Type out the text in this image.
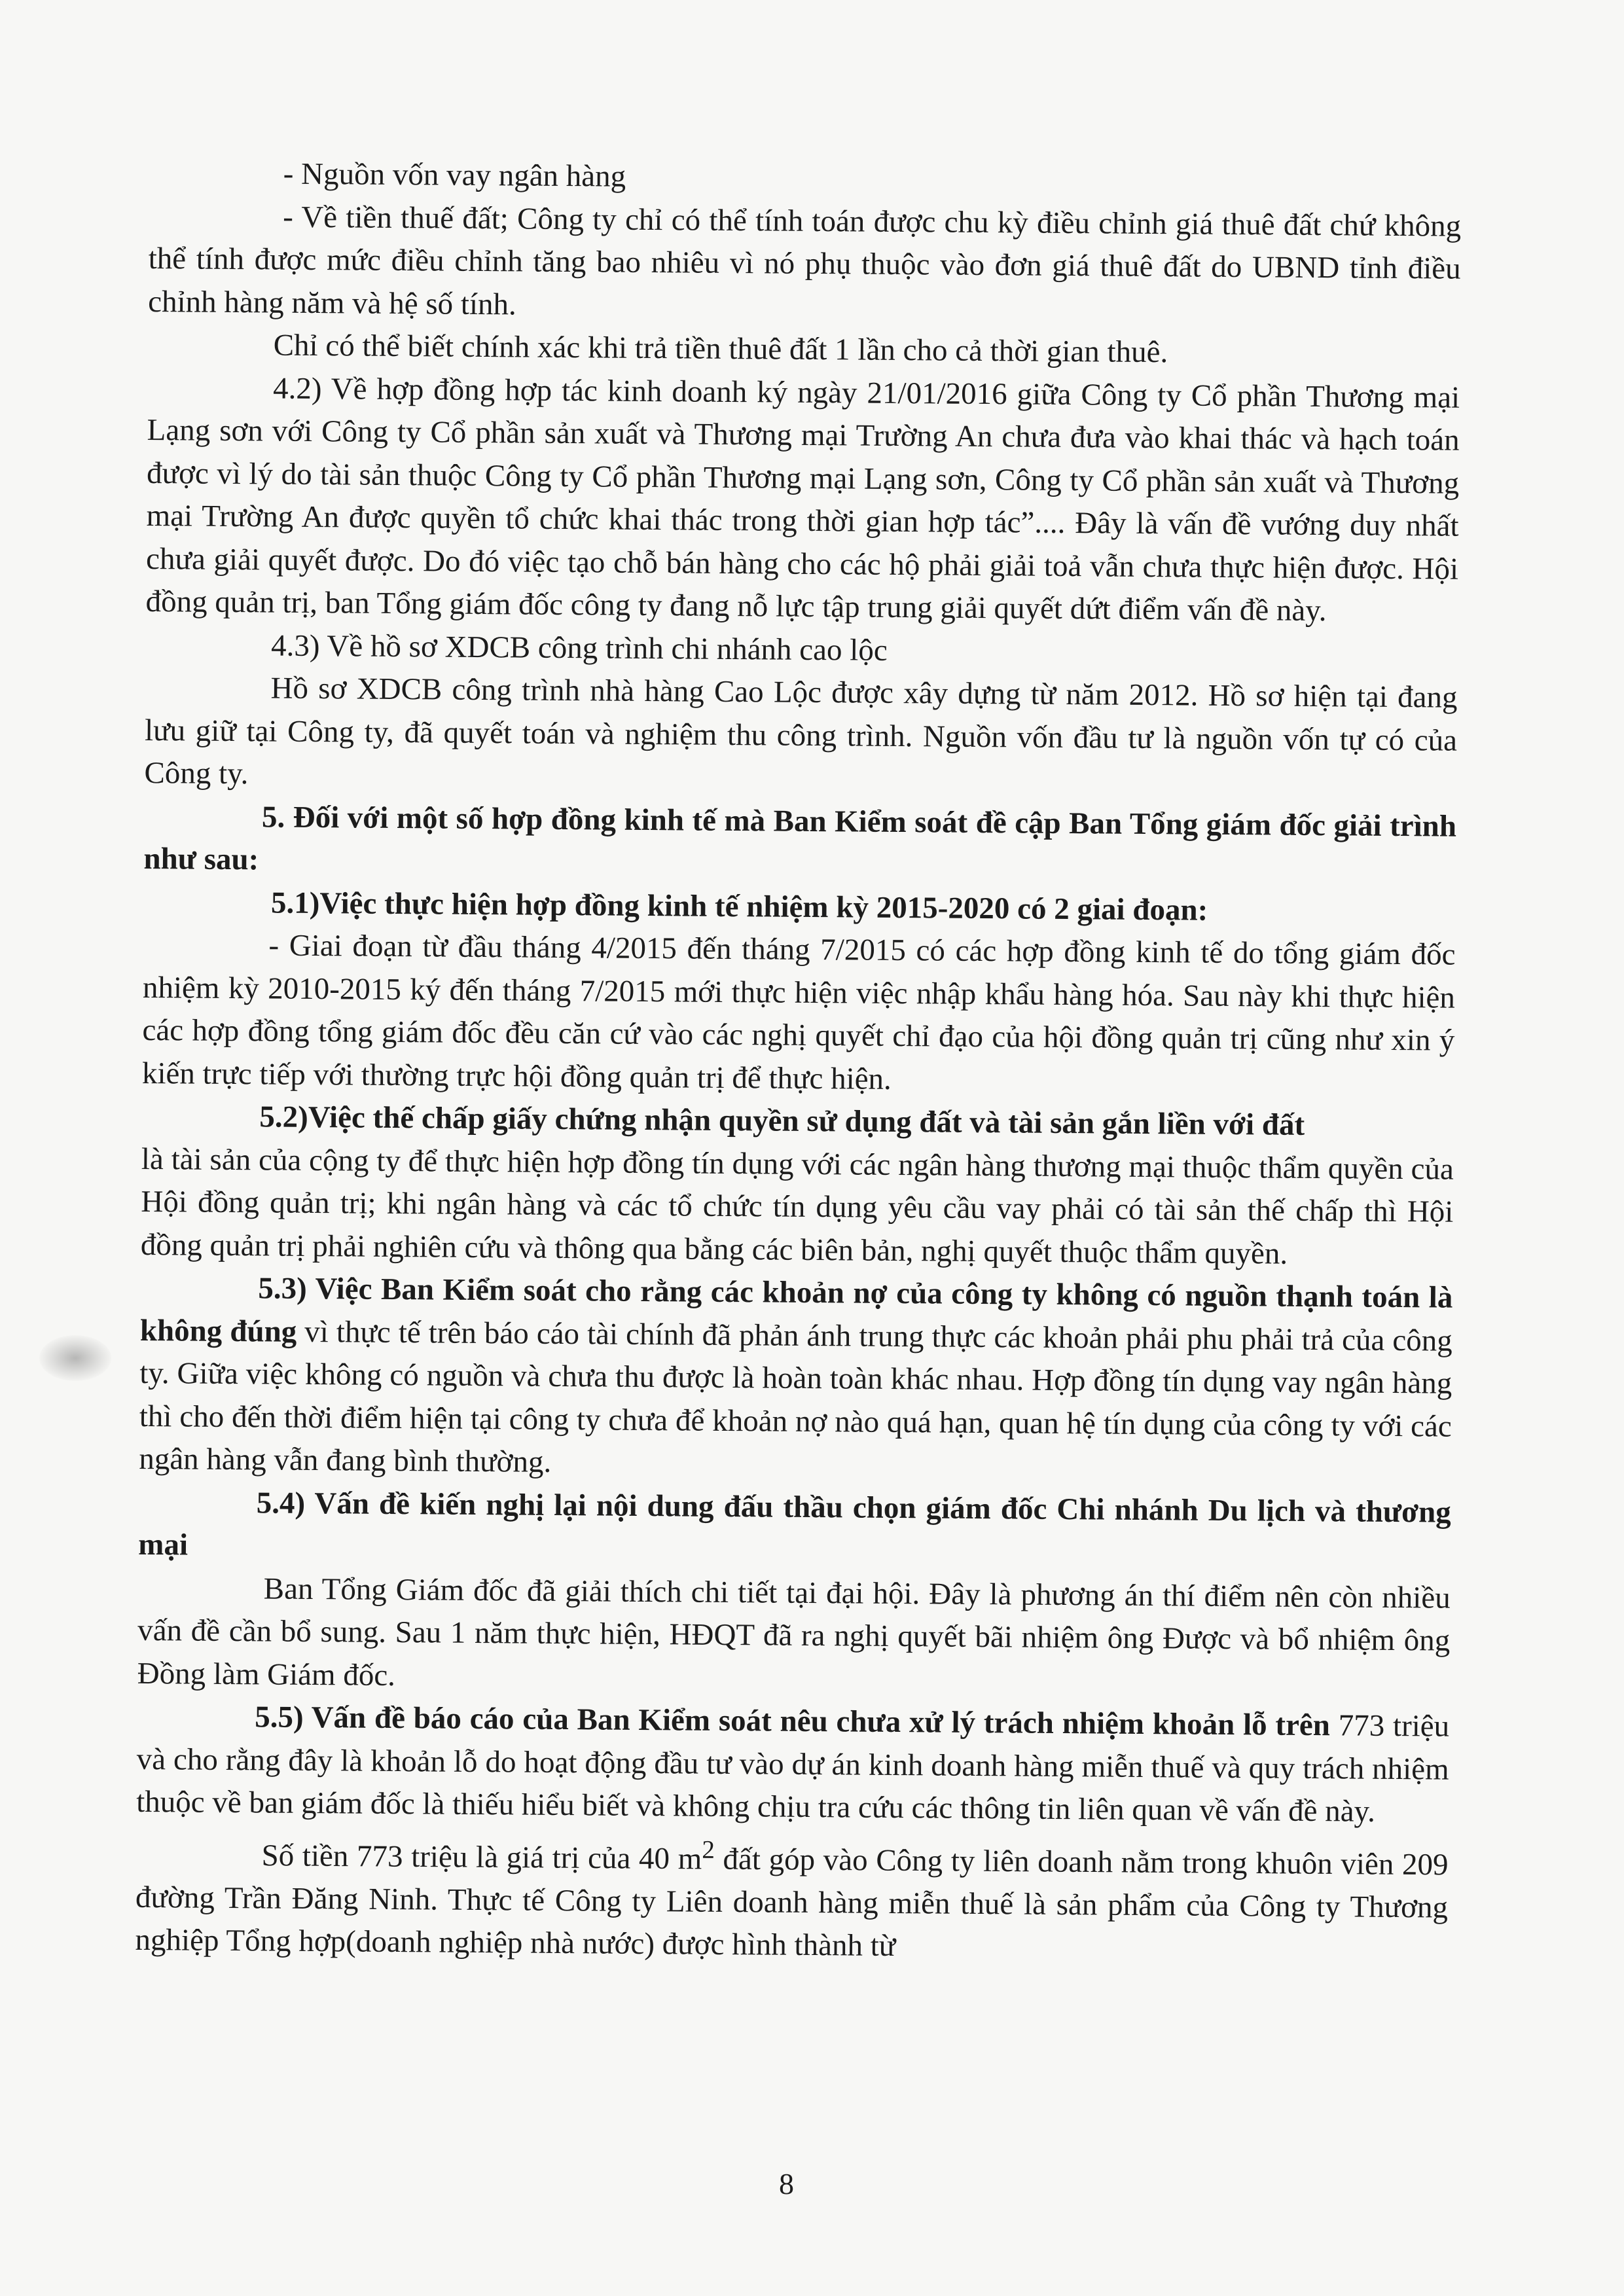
- Nguồn vốn vay ngân hàng

- Về tiền thuế đất; Công ty chỉ có thể tính toán được chu kỳ điều chỉnh giá thuê đất chứ không thể tính được mức điều chỉnh tăng bao nhiêu vì nó phụ thuộc vào đơn giá thuê đất do UBND tỉnh điều chỉnh hàng năm và hệ số tính.

Chỉ có thể biết chính xác khi trả tiền thuê đất 1 lần cho cả thời gian thuê.

4.2) Về hợp đồng hợp tác kinh doanh ký ngày 21/01/2016 giữa Công ty Cổ phần Thương mại Lạng sơn với Công ty Cổ phần sản xuất và Thương mại Trường An chưa đưa vào khai thác và hạch toán được vì lý do tài sản thuộc Công ty Cổ phần Thương mại Lạng sơn, Công ty Cổ phần sản xuất và Thương mại Trường An được quyền tổ chức khai thác trong thời gian hợp tác”.... Đây là vấn đề vướng duy nhất chưa giải quyết được. Do đó việc tạo chỗ bán hàng cho các hộ phải giải toả vẫn chưa thực hiện được. Hội đồng quản trị, ban Tổng giám đốc công ty đang nỗ lực tập trung giải quyết dứt điểm vấn đề này.

4.3) Về hồ sơ XDCB công trình chi nhánh cao lộc

Hồ sơ XDCB công trình nhà hàng Cao Lộc được xây dựng từ năm 2012. Hồ sơ hiện tại đang lưu giữ tại Công ty, đã quyết toán và nghiệm thu công trình. Nguồn vốn đầu tư là nguồn vốn tự có của Công ty.

5. Đối với một số hợp đồng kinh tế mà Ban Kiểm soát đề cập Ban Tổng giám đốc giải trình như sau:

5.1)Việc thực hiện hợp đồng kinh tế nhiệm kỳ 2015-2020 có 2 giai đoạn:

- Giai đoạn từ đầu tháng 4/2015 đến tháng 7/2015 có các hợp đồng kinh tế do tổng giám đốc nhiệm kỳ 2010-2015 ký đến tháng 7/2015 mới thực hiện việc nhập khẩu hàng hóa. Sau này khi thực hiện các hợp đồng tổng giám đốc đều căn cứ vào các nghị quyết chỉ đạo của hội đồng quản trị cũng như xin ý kiến trực tiếp với thường trực hội đồng quản trị để thực hiện.

5.2)Việc thế chấp giấy chứng nhận quyền sử dụng đất và tài sản gắn liền với đất

là tài sản của cộng ty để thực hiện hợp đồng tín dụng với các ngân hàng thương mại thuộc thẩm quyền của Hội đồng quản trị; khi ngân hàng và các tổ chức tín dụng yêu cầu vay phải có tài sản thế chấp thì Hội đồng quản trị phải nghiên cứu và thông qua bằng các biên bản, nghị quyết thuộc thẩm quyền.

5.3) Việc Ban Kiểm soát cho rằng các khoản nợ của công ty không có nguồn thạnh toán là không đúng vì thực tế trên báo cáo tài chính đã phản ánh trung thực các khoản phải phu phải trả của công ty. Giữa việc không có nguồn và chưa thu được là hoàn toàn khác nhau. Hợp đồng tín dụng vay ngân hàng thì cho đến thời điểm hiện tại công ty chưa để khoản nợ nào quá hạn, quan hệ tín dụng của công ty với các ngân hàng vẫn đang bình thường.

5.4) Vấn đề kiến nghị lại nội dung đấu thầu chọn giám đốc Chi nhánh Du lịch và thương mại

Ban Tổng Giám đốc đã giải thích chi tiết tại đại hội. Đây là phương án thí điểm nên còn nhiều vấn đề cần bổ sung. Sau 1 năm thực hiện, HĐQT đã ra nghị quyết bãi nhiệm ông Được và bổ nhiệm ông Đồng làm Giám đốc.

5.5) Vấn đề báo cáo của Ban Kiểm soát nêu chưa xử lý trách nhiệm khoản lỗ trên 773 triệu và cho rằng đây là khoản lỗ do hoạt động đầu tư vào dự án kinh doanh hàng miễn thuế và quy trách nhiệm thuộc về ban giám đốc là thiếu hiểu biết và không chịu tra cứu các thông tin liên quan về vấn đề này.

Số tiền 773 triệu là giá trị của 40 $m^2$ đất góp vào Công ty liên doanh nằm trong khuôn viên 209 đường Trần Đăng Ninh. Thực tế Công ty Liên doanh hàng miễn thuế là sản phẩm của Công ty Thương nghiệp Tổng hợp(doanh nghiệp nhà nước) được hình thành từ

8
